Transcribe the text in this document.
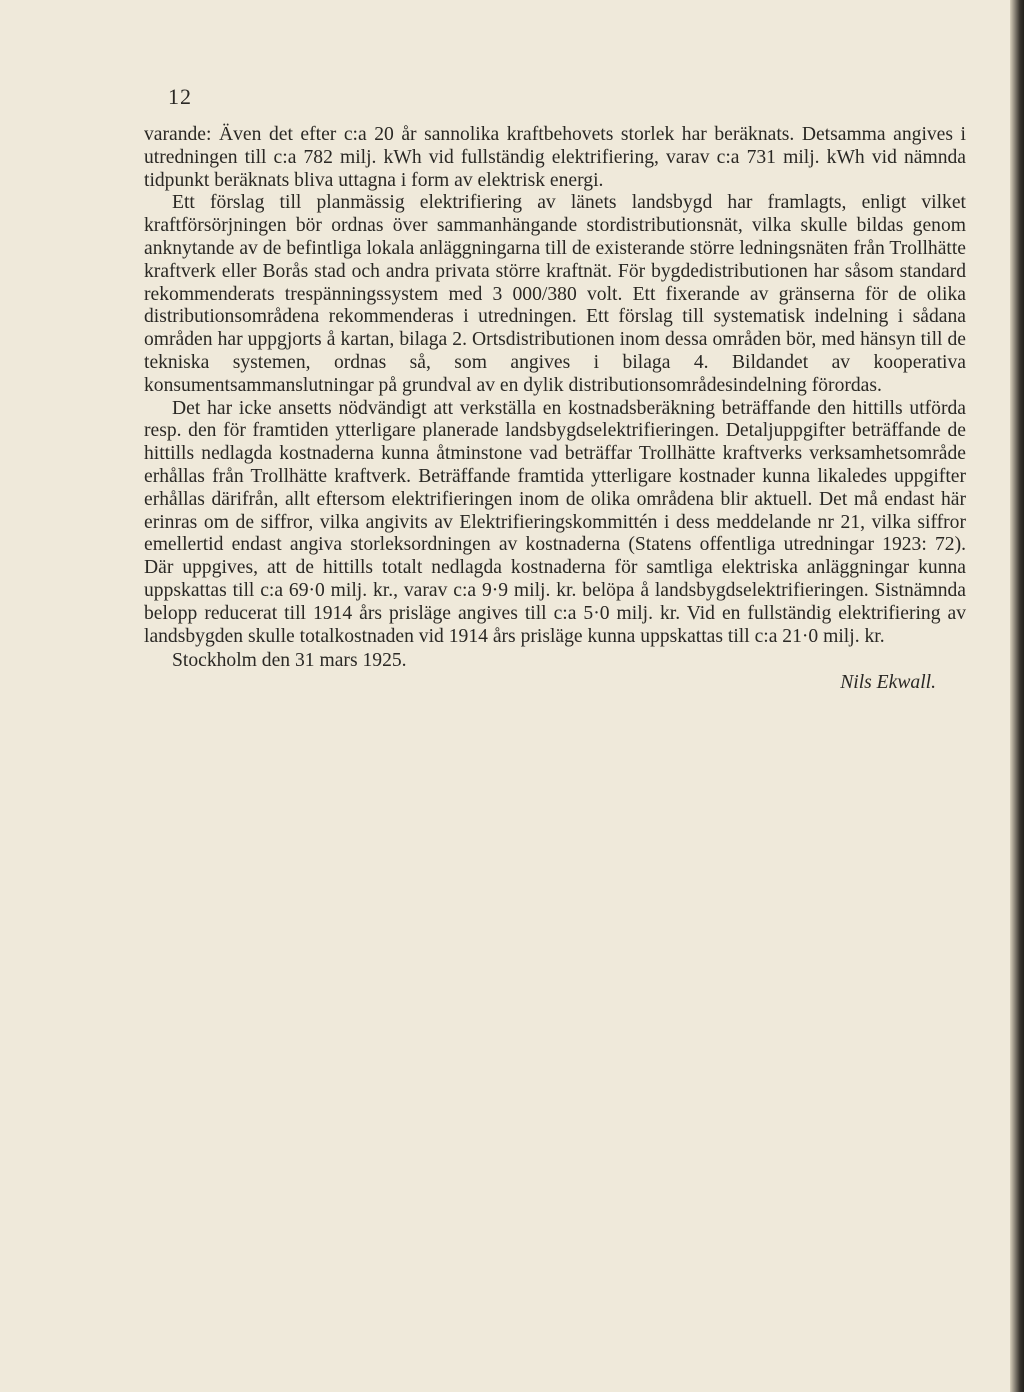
12

varande: Även det efter c:a 20 år sannolika kraftbehovets storlek har beräknats. Detsamma angives i utredningen till c:a 782 milj. kWh vid fullständig elektrifiering, varav c:a 731 milj. kWh vid nämnda tidpunkt beräknats bliva uttagna i form av elektrisk energi.

Ett förslag till planmässig elektrifiering av länets landsbygd har framlagts, enligt vilket kraftförsörjningen bör ordnas över sammanhängande stordistributionsnät, vilka skulle bildas genom anknytande av de befintliga lokala anläggningarna till de existerande större ledningsnäten från Trollhätte kraftverk eller Borås stad och andra privata större kraftnät. För bygdedistributionen har såsom standard rekommenderats trespänningssystem med 3 000/380 volt. Ett fixerande av gränserna för de olika distributionsområdena rekommenderas i utredningen. Ett förslag till systematisk indelning i sådana områden har uppgjorts å kartan, bilaga 2. Ortsdistributionen inom dessa områden bör, med hänsyn till de tekniska systemen, ordnas så, som angives i bilaga 4. Bildandet av kooperativa konsumentsammanslutningar på grundval av en dylik distributionsområdesindelning förordas.

Det har icke ansetts nödvändigt att verkställa en kostnadsberäkning beträffande den hittills utförda resp. den för framtiden ytterligare planerade landsbygdselektrifieringen. Detaljuppgifter beträffande de hittills nedlagda kostnaderna kunna åtminstone vad beträffar Trollhätte kraftverks verksamhetsområde erhållas från Trollhätte kraftverk. Beträffande framtida ytterligare kostnader kunna likaledes uppgifter erhållas därifrån, allt eftersom elektrifieringen inom de olika områdena blir aktuell. Det må endast här erinras om de siffror, vilka angivits av Elektrifieringskommittén i dess meddelande nr 21, vilka siffror emellertid endast angiva storleksordningen av kostnaderna (Statens offentliga utredningar 1923: 72). Där uppgives, att de hittills totalt nedlagda kostnaderna för samtliga elektriska anläggningar kunna uppskattas till c:a 69·0 milj. kr., varav c:a 9·9 milj. kr. belöpa å landsbygdselektrifieringen. Sistnämnda belopp reducerat till 1914 års prisläge angives till c:a 5·0 milj. kr. Vid en fullständig elektrifiering av landsbygden skulle totalkostnaden vid 1914 års prisläge kunna uppskattas till c:a 21·0 milj. kr.

Stockholm den 31 mars 1925.
Nils Ekwall.
